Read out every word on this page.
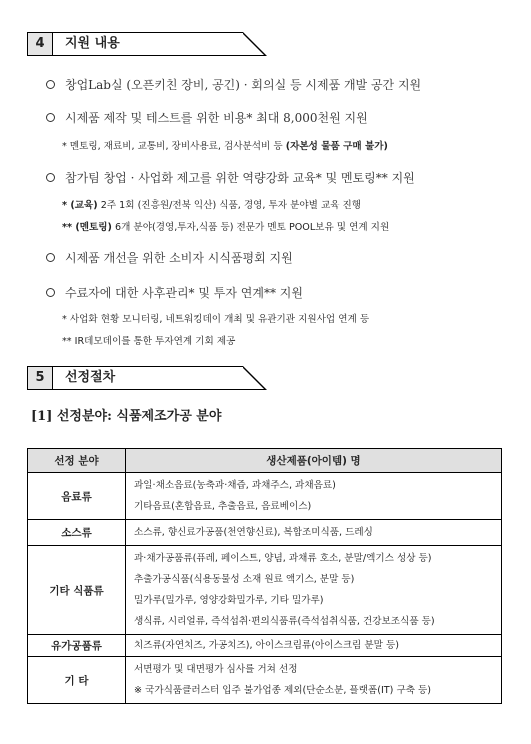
4	지원 내용
창업Lab실 (오픈키친 장비, 공긴) · 회의실 등 시제품 개발 공간 지원
시제품 제작 및 테스트를 위한 비용* 최대 8,000천원 지원
* 멘토링, 재료비, 교통비, 장비사용료, 검사분석비 등 (자본성 물품 구매 불가)
참가팀 창업 · 사업화 제고를 위한 역량강화 교육* 및 멘토링** 지원
* (교육) 2주 1회 (진흥원/전북 익산) 식품, 경영, 투자 분야별 교육 진행
** (멘토링) 6개 분야(경영,투자,식품 등) 전문가 멘토 POOL보유 및 연계 지원
시제품 개선을 위한 소비자 시식품평회 지원
수료자에 대한 사후관리* 및 투자 연계** 지원
* 사업화 현황 모니터링, 네트워킹데이 개최 및 유관기관 지원사업 연계 등
** IR데모데이를 통한 투자연계 기회 제공
5	선정절차
[1] 선정분야: 식품제조가공 분야
선정 분야	생산제품(아이템) 명
음료류	과일·채소음료(농축과·채즙, 과채주스, 과채음료)
기타음료(혼합음료, 추출음료, 음료베이스)

소스류	소스류, 향신료가공품(천연향신료), 복합조미식품, 드레싱

기타 식품류	과·채가공품류(퓨레, 페이스트, 양념, 과채류 호소, 분말/엑기스 성상 등)
추출가공식품(식용동물성 소재 원료 액기스, 분말 등)
밀가루(밀가루, 영양강화밀가루, 기타 밀가루)
생식류, 시리얼류, 즉석섭취·편의식품류(즉석섭취식품, 건강보조식품 등)

유가공품류	치즈류(자연치즈, 가공치즈), 아이스크림류(아이스크림 분말 등)

기 타	서면평가 및 대면평가 심사를 거쳐 선정
※ 국가식품클러스터 입주 불가업종 제외(단순소분, 플랫폼(IT) 구축 등)
